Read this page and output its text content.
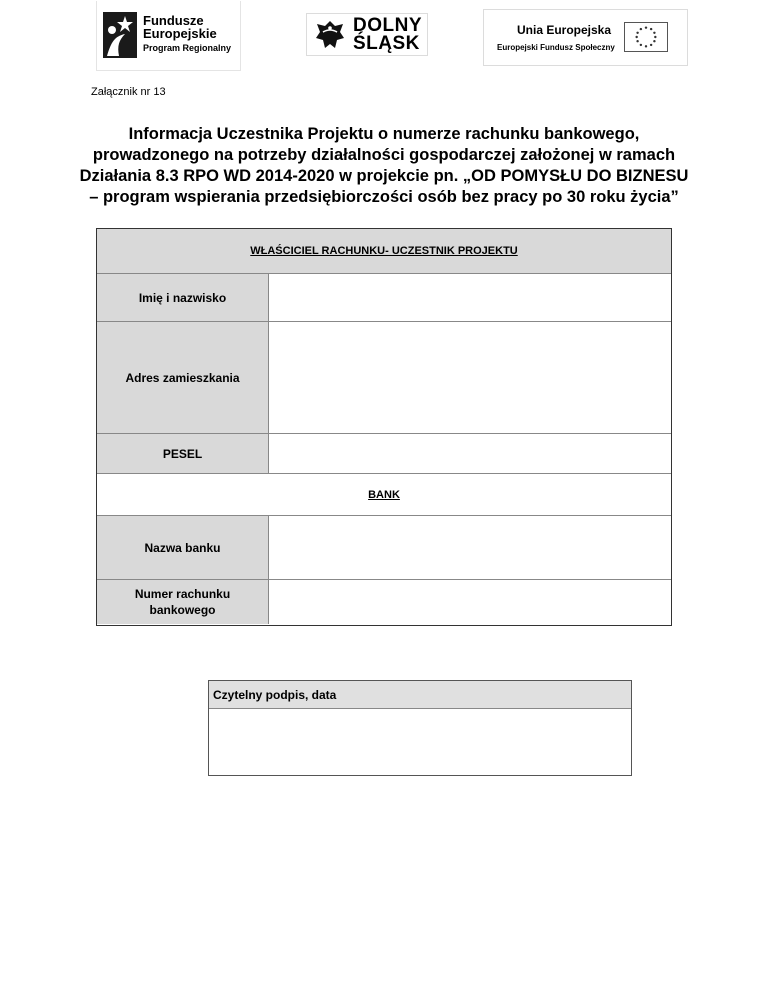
Fundusze
Europejskie
Program Regionalny
DOLNY
ŚLĄSK
Unia Europejska
Europejski Fundusz Społeczny
Załącznik nr 13
Informacja Uczestnika Projektu o numerze rachunku bankowego,
prowadzonego na potrzeby działalności gospodarczej założonej w ramach
Działania 8.3 RPO WD 2014-2020 w projekcie pn. „OD POMYSŁU DO BIZNESU
– program wspierania przedsiębiorczości osób bez pracy po 30 roku życia”
WŁAŚCICIEL RACHUNKU- UCZESTNIK PROJEKTU
Imię i nazwisko
Adres zamieszkania
PESEL
BANK
Nazwa banku
Numer rachunku bankowego
Czytelny podpis, data
